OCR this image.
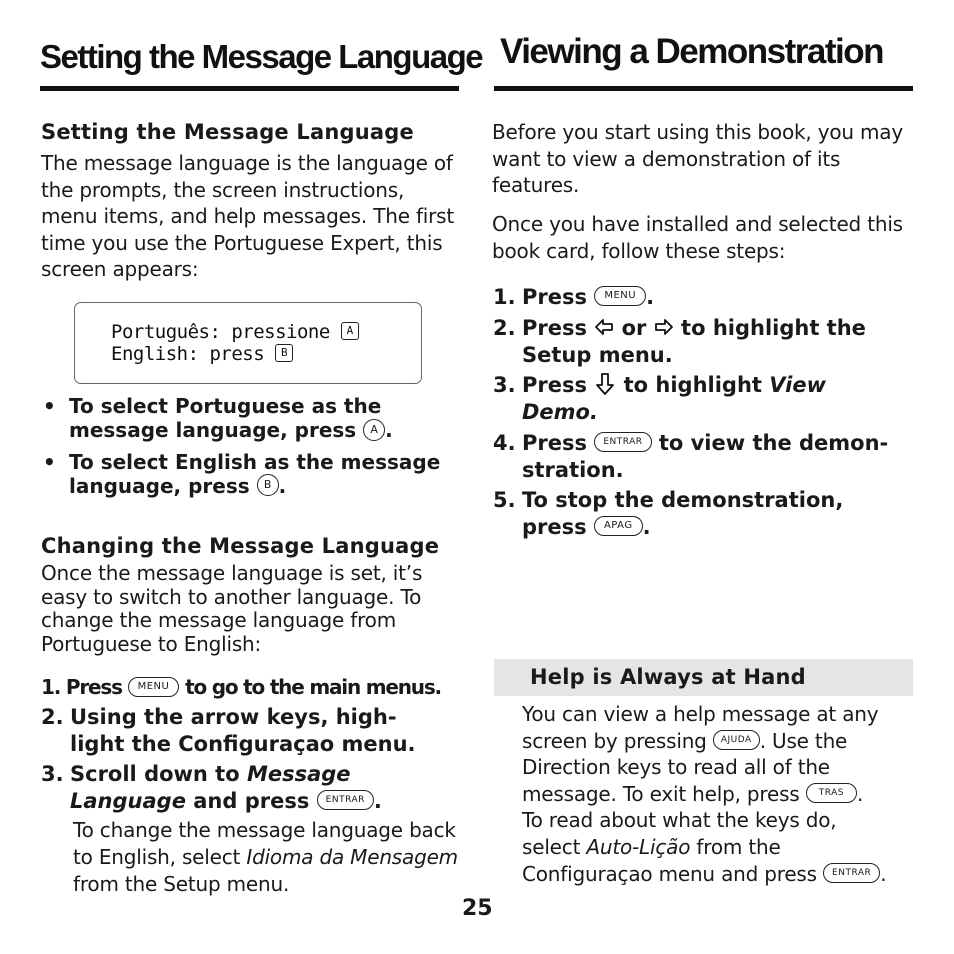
Setting the Message Language Viewing a Demonstration
Setting the Message Language
The message language is the language of the prompts, the screen instructions, menu items, and help messages. The first time you use the Portuguese Expert, this screen appears:
Português: pressione A
English: press B
• To select Portuguese as the message language, press A .
• To select English as the message language, press B .
Changing the Message Language
Once the message language is set, it’s easy to switch to another language. To change the message language from Portuguese to English:
1. Press MENU to go to the main menus.
2. Using the arrow keys, high-
light the Configuraçao menu.
3. Scroll down to Message
Language and press ENTRAR .
To change the message language back to English, select Idioma da Mensagem from the Setup menu.
Before you start using this book, you may want to view a demonstration of its features.
Once you have installed and selected this book card, follow these steps:
1. Press MENU .
2. Press or to highlight the
Setup menu.
3. Press to highlight View
Demo.
4. Press ENTRAR to view the demon-
stration.
5. To stop the demonstration,
press APAG .
Help is Always at Hand
You can view a help message at any
screen by pressing AJUDA . Use the
Direction keys to read all of the
message. To exit help, press TRAS .
To read about what the keys do,
select Auto-Lição from the
Configuraçao menu and press ENTRAR .
25
